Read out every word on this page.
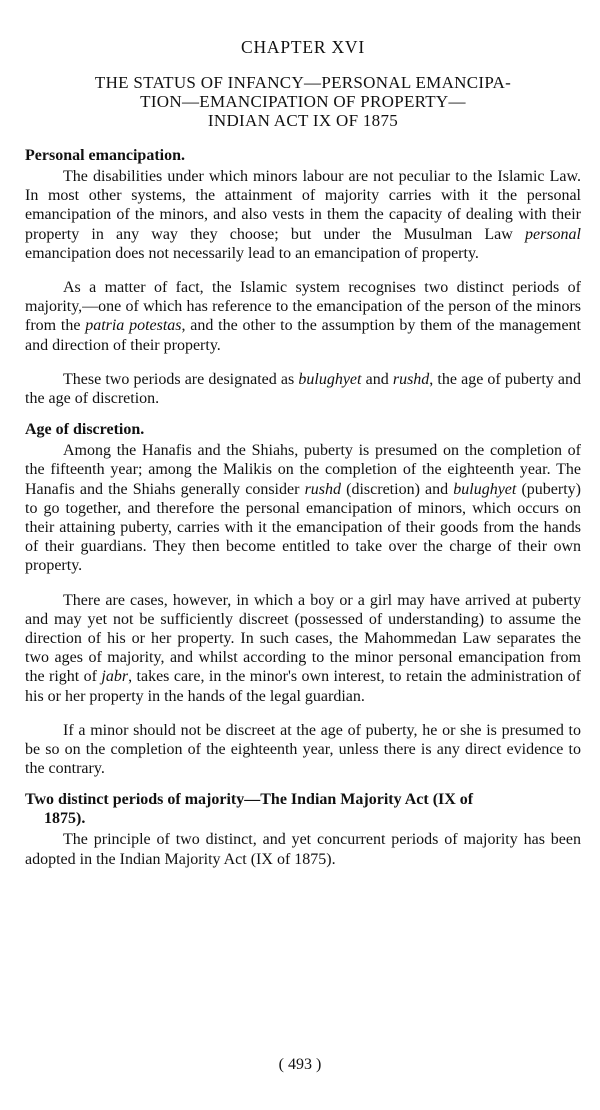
CHAPTER XVI
THE STATUS OF INFANCY—PERSONAL EMANCIPA-
TION—EMANCIPATION OF PROPERTY—
INDIAN ACT IX OF 1875
Personal emancipation.

The disabilities under which minors labour are not peculiar to the Islamic Law. In most other systems, the attainment of majority carries with it the personal emancipation of the minors, and also vests in them the capacity of dealing with their property in any way they choose; but under the Musulman Law personal emancipation does not necessarily lead to an emancipation of property.

As a matter of fact, the Islamic system recognises two distinct periods of majority,—one of which has reference to the emancipation of the person of the minors from the patria potestas, and the other to the assumption by them of the management and direction of their property.

These two periods are designated as bulughyet and rushd, the age of puberty and the age of discretion.

Age of discretion.

Among the Hanafis and the Shiahs, puberty is presumed on the completion of the fifteenth year; among the Malikis on the completion of the eighteenth year. The Hanafis and the Shiahs generally consider rushd (discretion) and bulughyet (puberty) to go together, and therefore the personal emancipation of minors, which occurs on their attaining puberty, carries with it the emancipation of their goods from the hands of their guardians. They then become entitled to take over the charge of their own property.

There are cases, however, in which a boy or a girl may have arrived at puberty and may yet not be sufficiently discreet (possessed of understanding) to assume the direction of his or her property. In such cases, the Mahommedan Law separates the two ages of majority, and whilst according to the minor personal emancipation from the right of jabr, takes care, in the minor's own interest, to retain the administration of his or her property in the hands of the legal guardian.

If a minor should not be discreet at the age of puberty, he or she is presumed to be so on the completion of the eighteenth year, unless there is any direct evidence to the contrary.

Two distinct periods of majority—The Indian Majority Act (IX of
1875).

The principle of two distinct, and yet concurrent periods of majority has been adopted in the Indian Majority Act (IX of 1875).

( 493 )
